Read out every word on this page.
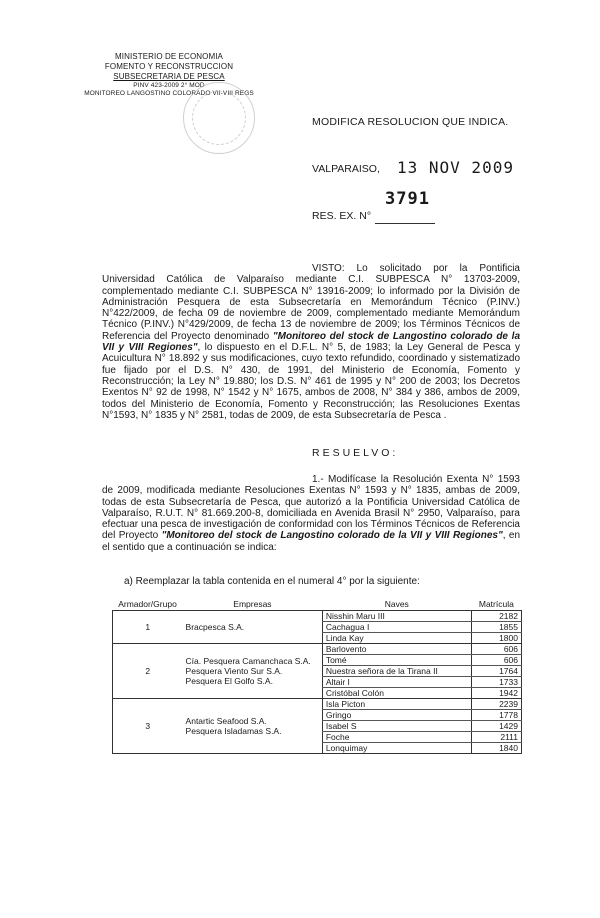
MINISTERIO DE ECONOMIA
FOMENTO Y RECONSTRUCCION
SUBSECRETARIA DE PESCA
PINV 423-2009 2° MOD
MONITOREO LANGOSTINO COLORADO VII-VIII REGS
MODIFICA RESOLUCION QUE INDICA.
VALPARAISO, 13 NOV 2009
3791
RES. EX. N°
VISTO: Lo solicitado por la Pontificia Universidad Católica de Valparaíso mediante C.I. SUBPESCA N° 13703-2009, complementado mediante C.I. SUBPESCA N° 13916-2009; lo informado por la División de Administración Pesquera de esta Subsecretaría en Memorándum Técnico (P.INV.) N°422/2009, de fecha 09 de noviembre de 2009, complementado mediante Memorándum Técnico (P.INV.) N°429/2009, de fecha 13 de noviembre de 2009; los Términos Técnicos de Referencia del Proyecto denominado "Monitoreo del stock de Langostino colorado de la VII y VIII Regiones", lo dispuesto en el D.F.L. N° 5, de 1983; la Ley General de Pesca y Acuicultura N° 18.892 y sus modificaciones, cuyo texto refundido, coordinado y sistematizado fue fijado por el D.S. N° 430, de 1991, del Ministerio de Economía, Fomento y Reconstrucción; la Ley N° 19.880; los D.S. N° 461 de 1995 y N° 200 de 2003; los Decretos Exentos N° 92 de 1998, N° 1542 y N° 1675, ambos de 2008, N° 384 y 386, ambos de 2009, todos del Ministerio de Economía, Fomento y Reconstrucción; las Resoluciones Exentas N°1593, N° 1835 y N° 2581, todas de 2009, de esta Subsecretaría de Pesca .
RESUELVO:
1.- Modifícase la Resolución Exenta N° 1593 de 2009, modificada mediante Resoluciones Exentas N° 1593 y N° 1835, ambas de 2009, todas de esta Subsecretaría de Pesca, que autorizó a la Pontificia Universidad Católica de Valparaíso, R.U.T. N° 81.669.200-8, domiciliada en Avenida Brasil N° 2950, Valparaíso, para efectuar una pesca de investigación de conformidad con los Términos Técnicos de Referencia del Proyecto "Monitoreo del stock de Langostino colorado de la VII y VIII Regiones", en el sentido que a continuación se indica:
a) Reemplazar la tabla contenida en el numeral 4° por la siguiente:
Armador/Grupo	Empresas	Naves	Matrícula
1	Bracpesca S.A.	Nisshin Maru III	2182
		Cachagua I	1855
		Linda Kay	1800
2	Cía. Pesquera Camanchaca S.A.
Pesquera Viento Sur S.A.
Pesquera El Golfo S.A.	Barlovento	606
		Tomé	606
		Nuestra señora de la Tirana II	1764
		Altair I	1733
		Cristóbal Colón	1942
3	Antartic Seafood S.A.
Pesquera Isladamas S.A.	Isla Picton	2239
		Gringo	1778
		Isabel S	1429
		Foche	2111
		Lonquimay	1840
